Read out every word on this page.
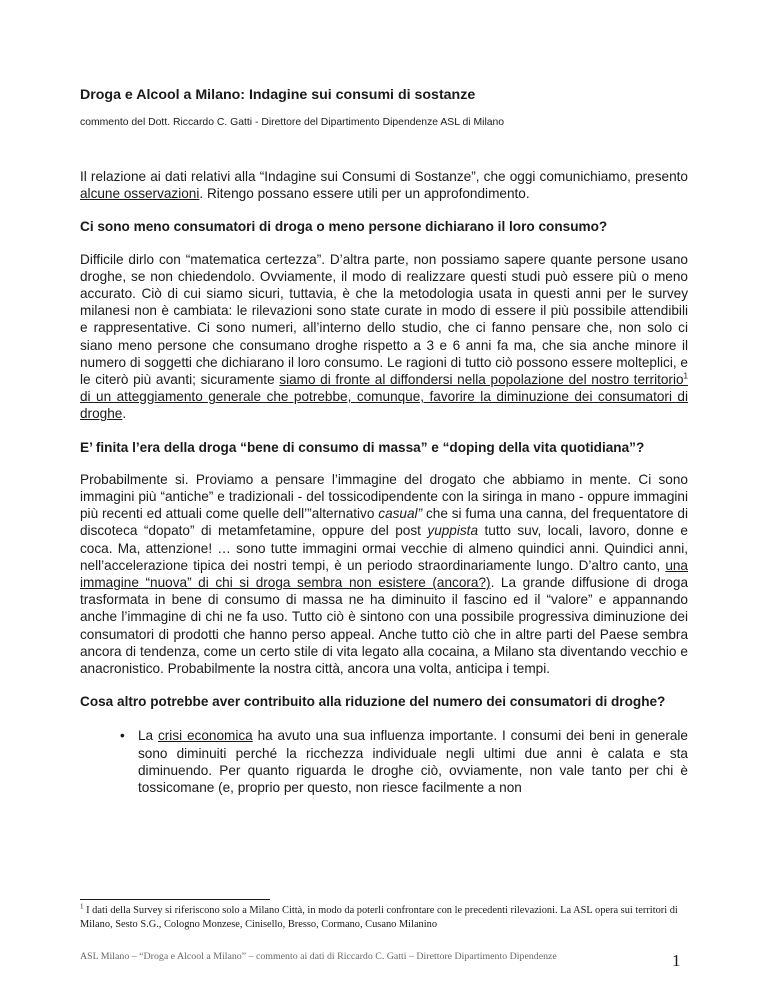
Droga e Alcool a Milano: Indagine sui consumi di sostanze

commento del Dott. Riccardo C. Gatti - Direttore del Dipartimento Dipendenze ASL di Milano

Il relazione ai dati relativi alla “Indagine sui Consumi di Sostanze”, che oggi comunichiamo, presento alcune osservazioni. Ritengo possano essere utili per un approfondimento.

Ci sono meno consumatori di droga o meno persone dichiarano il loro consumo?

Difficile dirlo con “matematica certezza”. D’altra parte, non possiamo sapere quante persone usano droghe, se non chiedendolo. Ovviamente, il modo di realizzare questi studi può essere più o meno accurato. Ciò di cui siamo sicuri, tuttavia, è che la metodologia usata in questi anni per le survey milanesi non è cambiata: le rilevazioni sono state curate in modo di essere il più possibile attendibili e rappresentative. Ci sono numeri, all’interno dello studio, che ci fanno pensare che, non solo ci siano meno persone che consumano droghe rispetto a 3 e 6 anni fa ma, che sia anche minore il numero di soggetti che dichiarano il loro consumo. Le ragioni di tutto ciò possono essere molteplici, e le citerò più avanti; sicuramente siamo di fronte al diffondersi nella popolazione del nostro territorio$^1$ di un atteggiamento generale che potrebbe, comunque, favorire la diminuzione dei consumatori di droghe.

E’ finita l’era della droga “bene di consumo di massa” e “doping della vita quotidiana”?

Probabilmente si. Proviamo a pensare l’immagine del drogato che abbiamo in mente. Ci sono immagini più “antiche” e tradizionali - del tossicodipendente con la siringa in mano - oppure immagini più recenti ed attuali come quelle dell’”alternativo casual” che si fuma una canna, del frequentatore di discoteca “dopato” di metamfetamine, oppure del post yuppista tutto suv, locali, lavoro, donne e coca. Ma, attenzione! … sono tutte immagini ormai vecchie di almeno quindici anni. Quindici anni, nell’accelerazione tipica dei nostri tempi, è un periodo straordinariamente lungo. D’altro canto, una immagine “nuova” di chi si droga sembra non esistere (ancora?). La grande diffusione di droga trasformata in bene di consumo di massa ne ha diminuito il fascino ed il “valore” e appannando anche l’immagine di chi ne fa uso. Tutto ciò è sintono con una possibile progressiva diminuzione dei consumatori di prodotti che hanno perso appeal. Anche tutto ciò che in altre parti del Paese sembra ancora di tendenza, come un certo stile di vita legato alla cocaina, a Milano sta diventando vecchio e anacronistico. Probabilmente la nostra città, ancora una volta, anticipa i tempi.

Cosa altro potrebbe aver contribuito alla riduzione del numero dei consumatori di droghe?

• La crisi economica ha avuto una sua influenza importante. I consumi dei beni in generale sono diminuiti perché la ricchezza individuale negli ultimi due anni è calata e sta diminuendo. Per quanto riguarda le droghe ciò, ovviamente, non vale tanto per chi è tossicomane (e, proprio per questo, non riesce facilmente a non

$^1$ I dati della Survey si riferiscono solo a Milano Città, in modo da poterli confrontare con le precedenti rilevazioni. La ASL opera sui territori di Milano, Sesto S.G., Cologno Monzese, Cinisello, Bresso, Cormano, Cusano Milanino

ASL Milano – “Droga e Alcool a Milano” – commento ai dati di Riccardo C. Gatti – Direttore Dipartimento Dipendenze	1
